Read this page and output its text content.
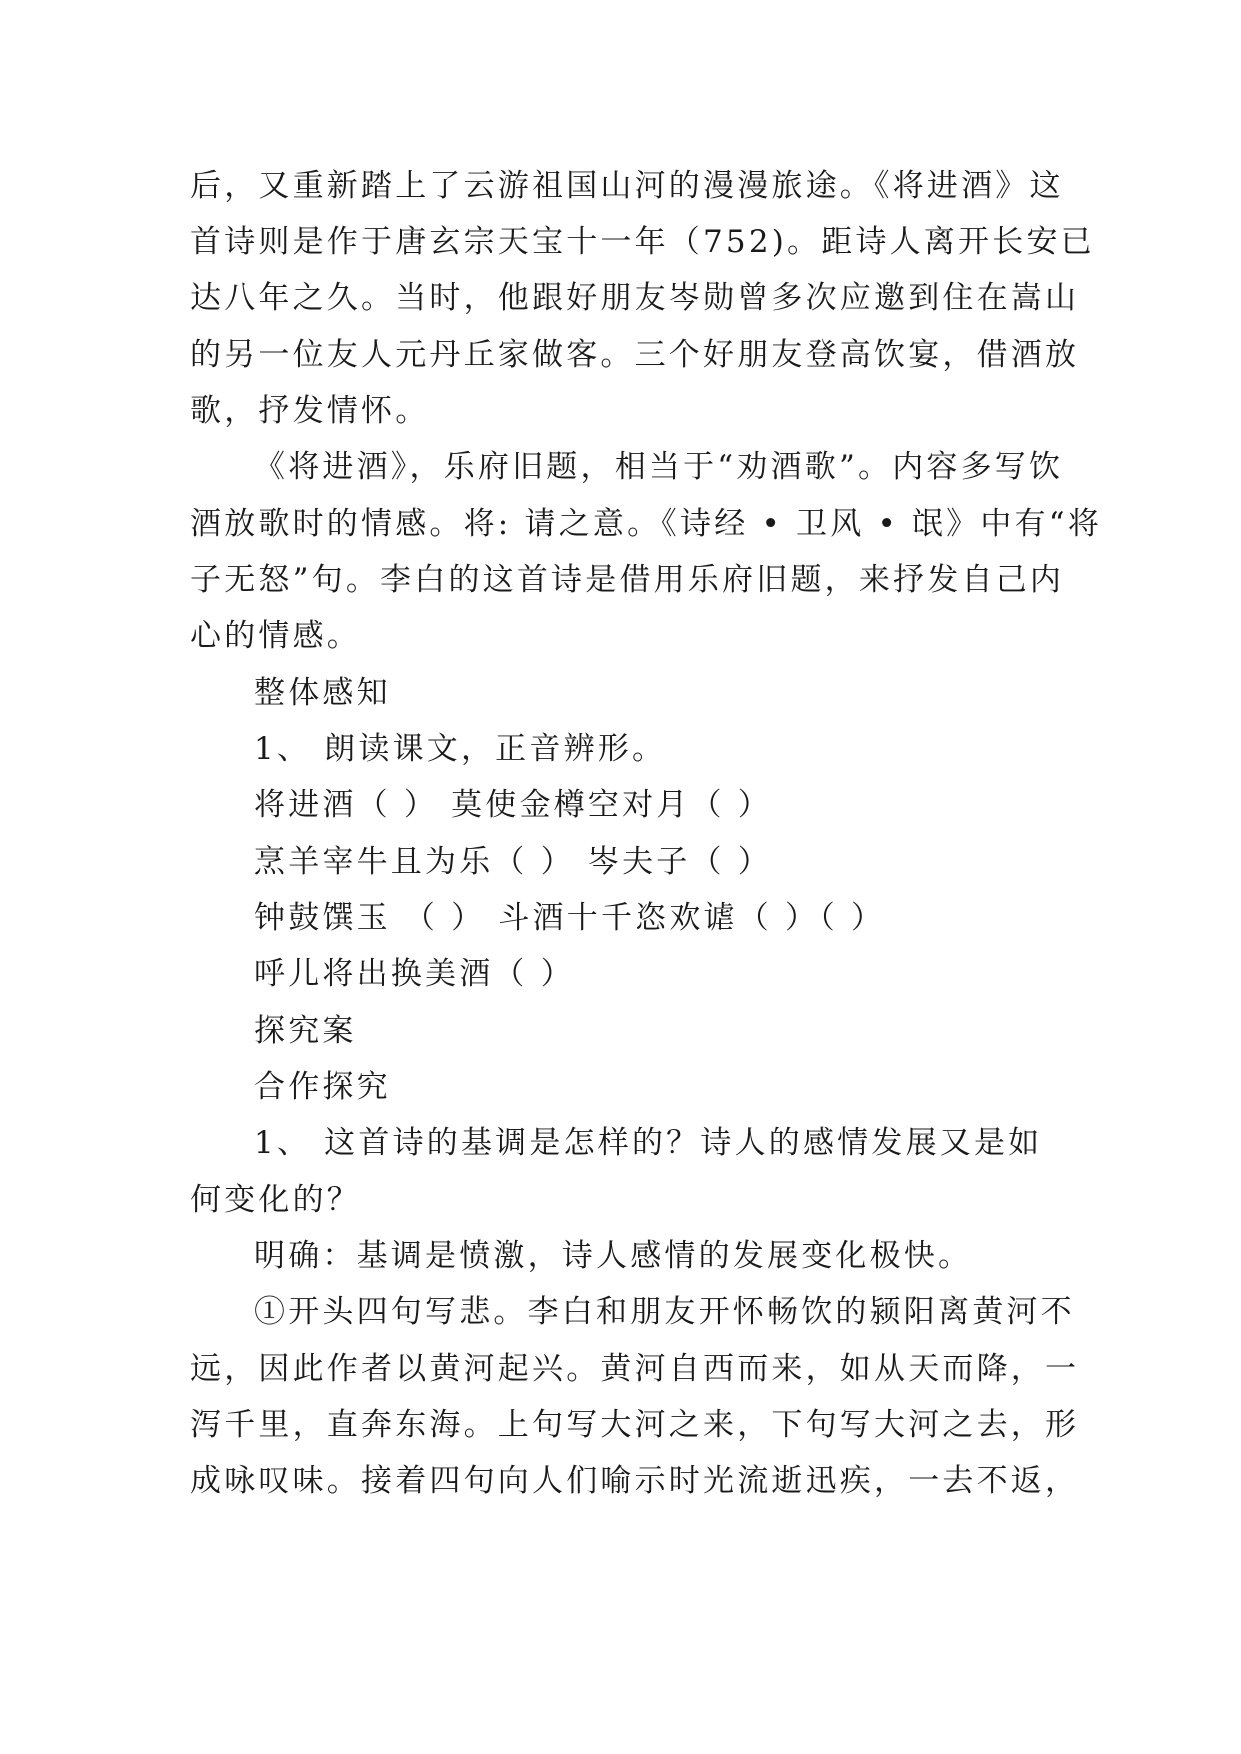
后，又重新踏上了云游祖国山河的漫漫旅途。《将进酒》这
首诗则是作于唐玄宗天宝十一年（752)。距诗人离开长安已
达八年之久。当时，他跟好朋友岑勋曾多次应邀到住在嵩山
的另一位友人元丹丘家做客。三个好朋友登高饮宴，借酒放
歌，抒发情怀。
《将进酒》，乐府旧题，相当于“劝酒歌”。内容多写饮
酒放歌时的情感。将: 请之意。《诗经 • 卫风 • 氓》中有“将
子无怒”句。李白的这首诗是借用乐府旧题，来抒发自己内
心的情感。
整体感知
1、 朗读课文，正音辨形。
将进酒（ ） 莫使金樽空对月（ ）
烹羊宰牛且为乐（ ） 岑夫子（ ）
钟鼓馔玉 （ ） 斗酒十千恣欢谑（ ）（ ）
呼儿将出换美酒（ ）
探究案
合作探究
1、 这首诗的基调是怎样的？诗人的感情发展又是如
何变化的？
明确：基调是愤激，诗人感情的发展变化极快。
①开头四句写悲。李白和朋友开怀畅饮的颍阳离黄河不
远，因此作者以黄河起兴。黄河自西而来，如从天而降，一
泻千里，直奔东海。上句写大河之来，下句写大河之去，形
成咏叹味。接着四句向人们喻示时光流逝迅疾，一去不返，
